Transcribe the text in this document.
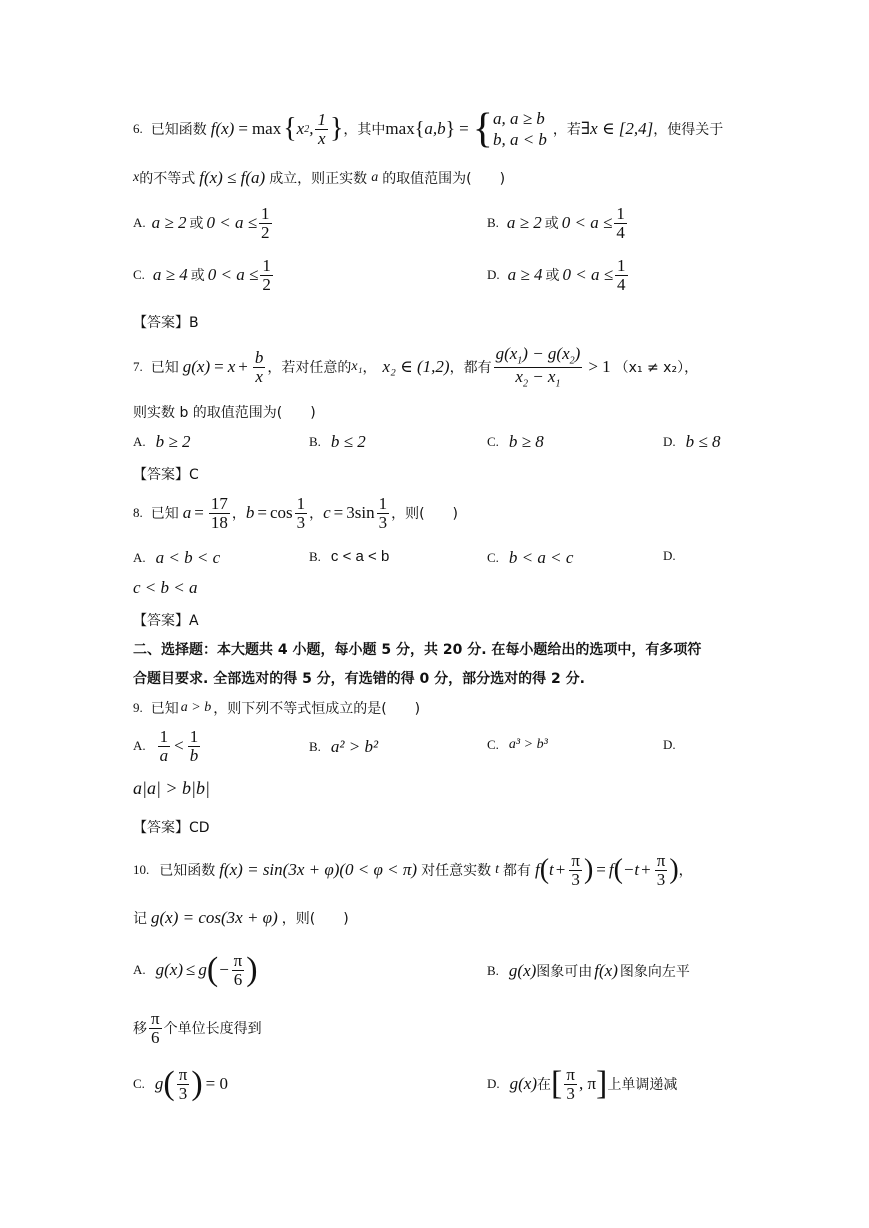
6. 已知函数 f(x) = max { x 2 , $\frac{1}{x}$ } ，其中 max { a,b } = { a, a ≥ b
b, a < b ，若 ∃x ∈ [2,4] ，使得关于
x 的不等式 f(x) ≤ f(a) 成立，则正实数 a 的取值范围为(　　)
A . a ≥ 2 或 $0 < a \le \frac{1}{2}$	B. a ≥ 2 或 $0 < a \le \frac{1}{4}$
C. a ≥ 4 或 $0 < a \le \frac{1}{2}$	D. a ≥ 4 或 $0 < a \le \frac{1}{4}$
【答案】B
7. 已知 $g(x) = x + \frac{b}{x}$ ，若对任意的 x₁ ， x₂ ∈ (1,2) ，都有 $\frac{g(x_1) - g(x_2)}{x_2 - x_1} > 1$ （x₁ ≠ x₂），
则实数 b 的取值范围为(　　)
A. b ≥ 2	B. b ≤ 2	C. b ≥ 8	D. b ≤ 8
【答案】C
8. 已知 $a = \frac{17}{18}$ ， $b = \cos \frac{1}{3}$ ， $c = 3\sin \frac{1}{3}$ ，则(　　)
A. a < b < c	B. c < a < b	C. b < a < c	D.
c < b < a
【答案】A
二、选择题：本大题共 4 小题，每小题 5 分，共 20 分. 在每小题给出的选项中，有多项符
合题目要求. 全部选对的得 5 分，有选错的得 0 分，部分选对的得 2 分.
9. 已知 a > b ，则下列不等式恒成立的是(　　)
A. $\frac{1}{a} < \frac{1}{b}$	B. a² > b²	C. a³ > b³	D.
a|a| > b|b|
【答案】CD
10. 已知函数 f(x) = sin(3x + φ)(0 < φ < π) 对任意实数 t 都有 f ( $t + \frac{\pi}{3}$ ) = f ( $-t + \frac{\pi}{3}$ ) ，
记 g(x) = cos(3x + φ) ，则(　　)
A. g(x) ≤ g ( − $\frac{\pi}{6}$ )	B. g(x) 图象可由 f(x) 图象向左平
移 $\frac{\pi}{6}$ 个单位长度得到
C. g ( $\frac{\pi}{3}$ ) = 0	D. g(x) 在 [ $\frac{\pi}{3}$ , π ] 上单调递减
